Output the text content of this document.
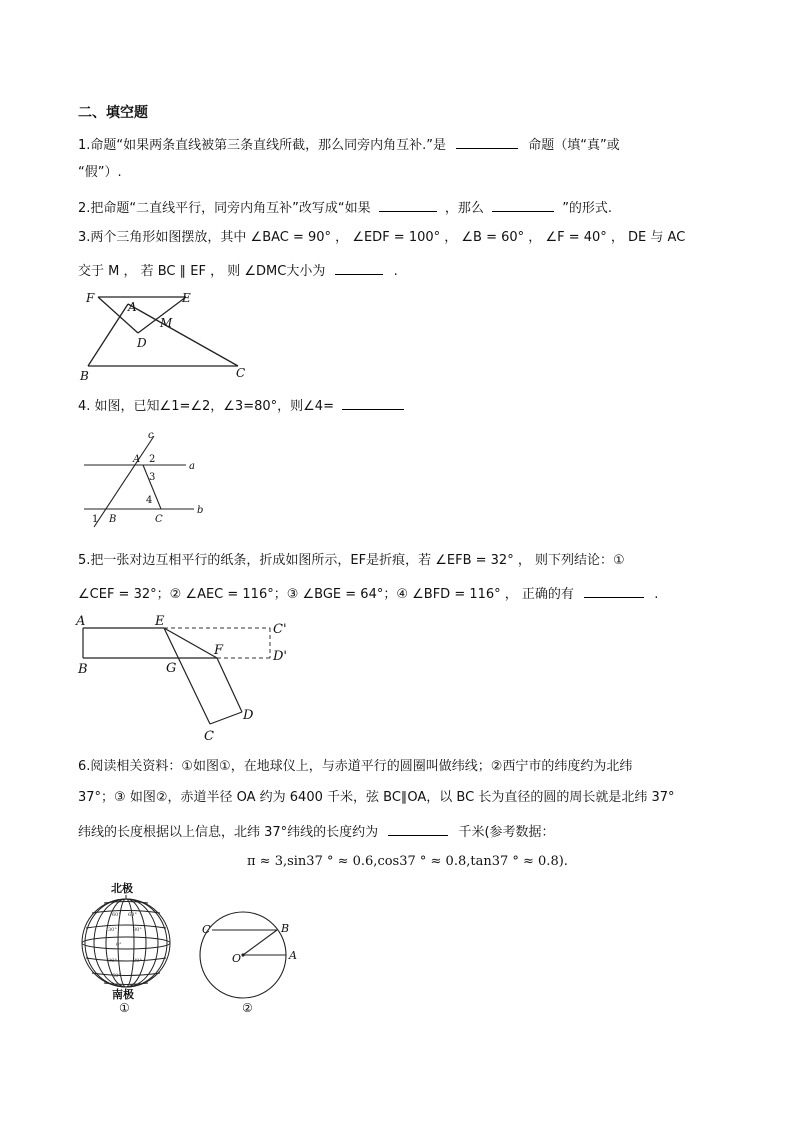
二、填空题
1.命题“如果两条直线被第三条直线所截，那么同旁内角互补.”是	命题（填“真”或
“假”）.
2.把命题“二直线平行，同旁内角互补”改写成“如果	，那么	”的形式.
3.两个三角形如图摆放，其中 ∠BAC = 90° ， ∠EDF = 100° ， ∠B = 60° ， ∠F = 40° ， DE 与 AC
交于 M ， 若 BC ∥ EF ， 则 ∠DMC大小为	.
F
A
E
M
D
B	C
4. 如图，已知∠1=∠2，∠3=80°，则∠4=
c
A
a
2
3
4
1 B	C
b
5.把一张对边互相平行的纸条，折成如图所示，EF是折痕，若 ∠EFB = 32° ， 则下列结论：①
∠CEF = 32°；② ∠AEC = 116°；③ ∠BGE = 64°；④ ∠BFD = 116° ， 正确的有	.
A	E
C'
F	D'
B	G
D
C
6.阅读相关资料：①如图①，在地球仪上，与赤道平行的圆圈叫做纬线；②西宁市的纬度约为北纬
37°；③ 如图②，赤道半径 OA 约为 6400 千米，弦 BC∥OA，以 BC 长为直径的圆的周长就是北纬 37°
纬线的长度根据以上信息，北纬 37°纬线的长度约为	千米(参考数据：
π ≈ 3,sin37 ° ≈ 0.6,cos37 ° ≈ 0.8,tan37 ° ≈ 0.8).
北极
60° 60°
30°	30°
0°
30°	30°
60°
南极
①
C	B
O	A
②
